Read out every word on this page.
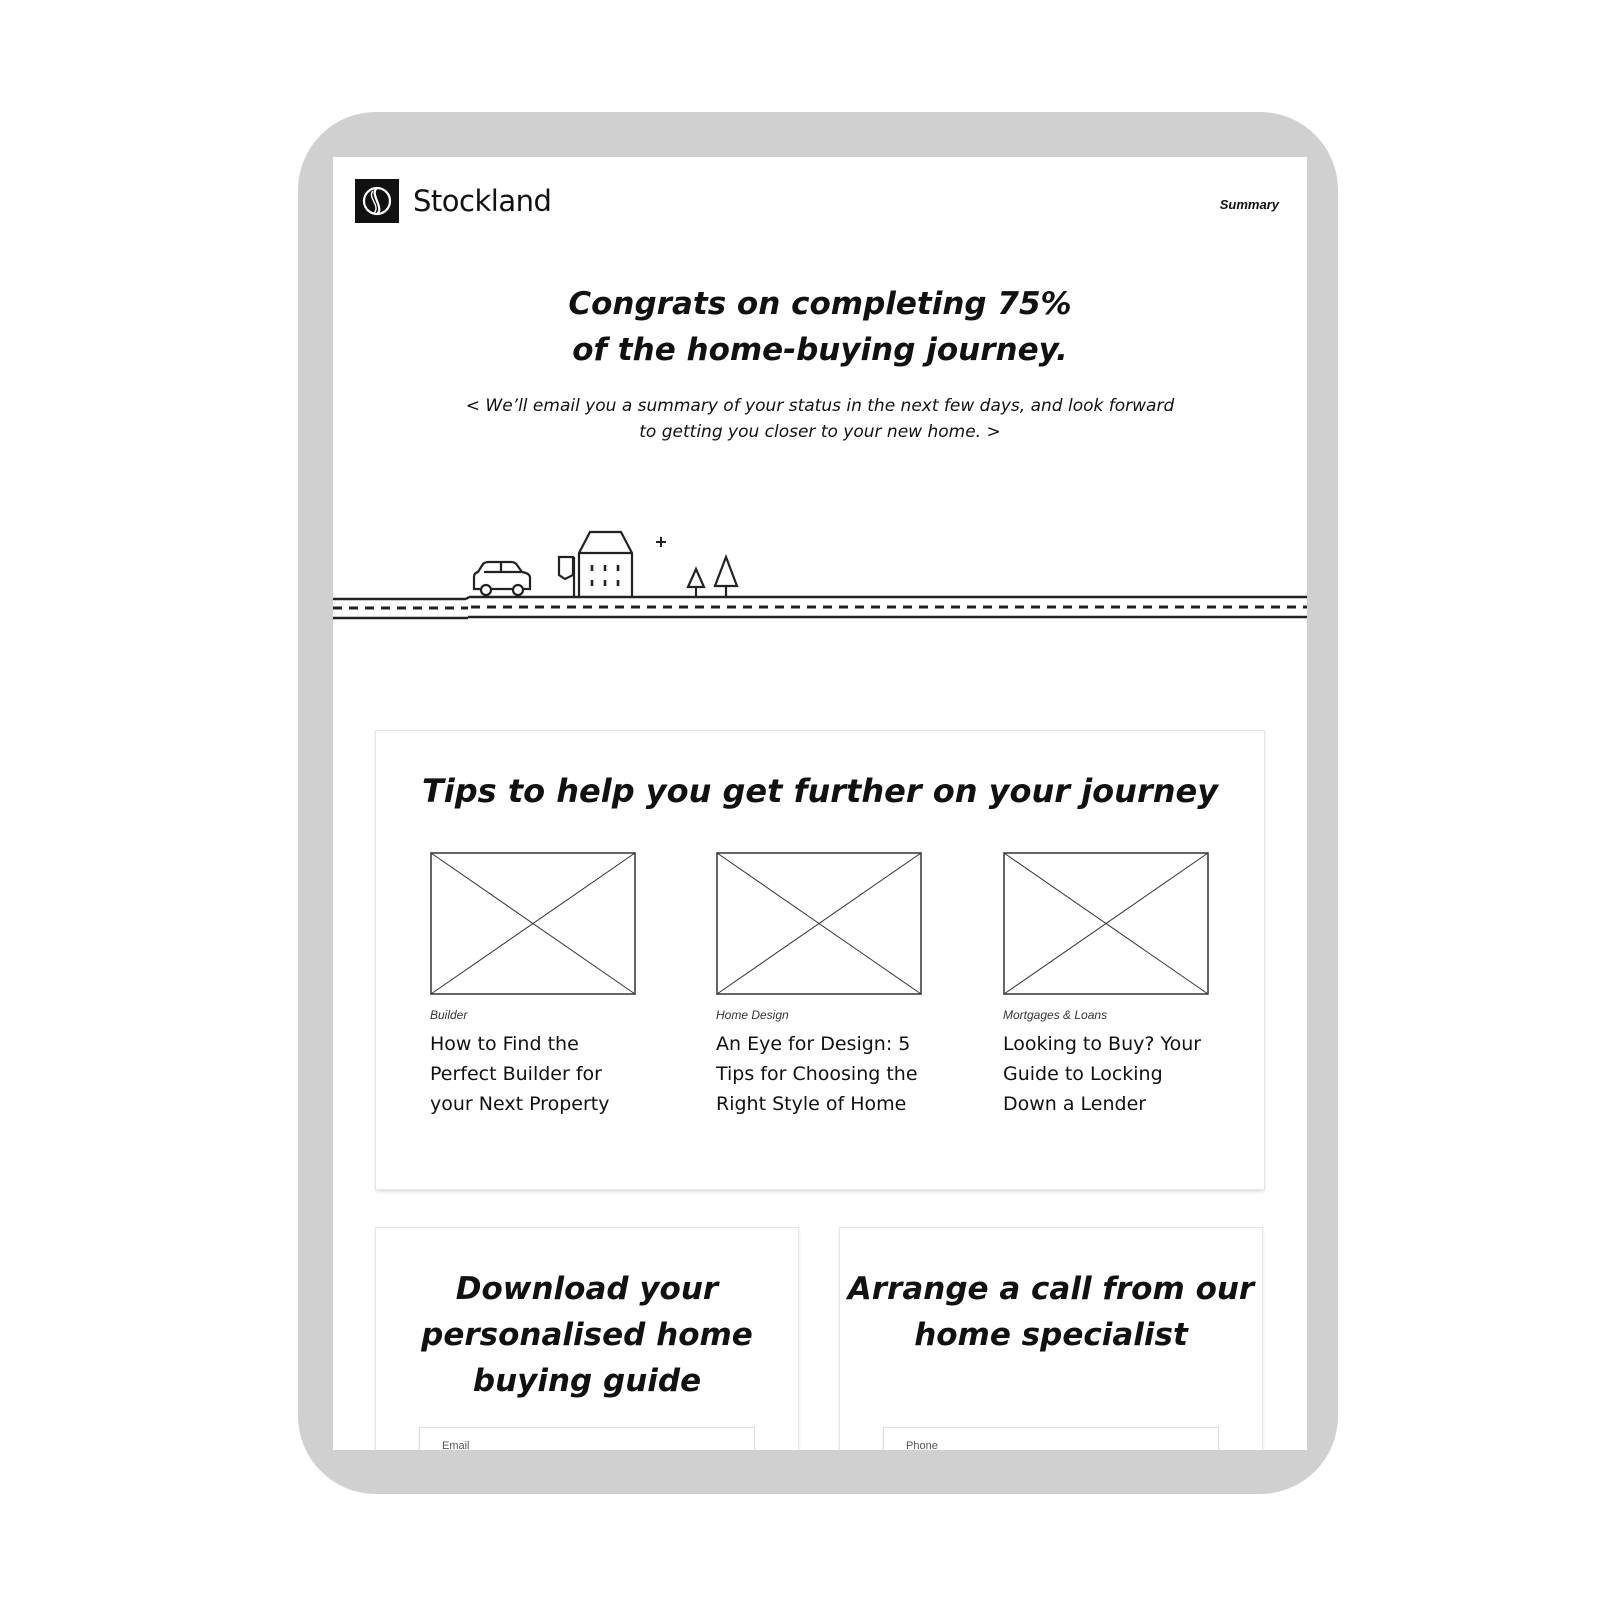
Stockland	Summary
Congrats on completing 75%
of the home-buying journey.
< We’ll email you a summary of your status in the next few days, and look forward to getting you closer to your new home. >
Tips to help you get further on your journey
Builder
How to Find the Perfect Builder for your Next Property
Home Design
An Eye for Design: 5 Tips for Choosing the Right Style of Home
Mortgages & Loans
Looking to Buy? Your Guide to Locking Down a Lender
Download your personalised home buying guide
Email
Arrange a call from our home specialist
Phone
